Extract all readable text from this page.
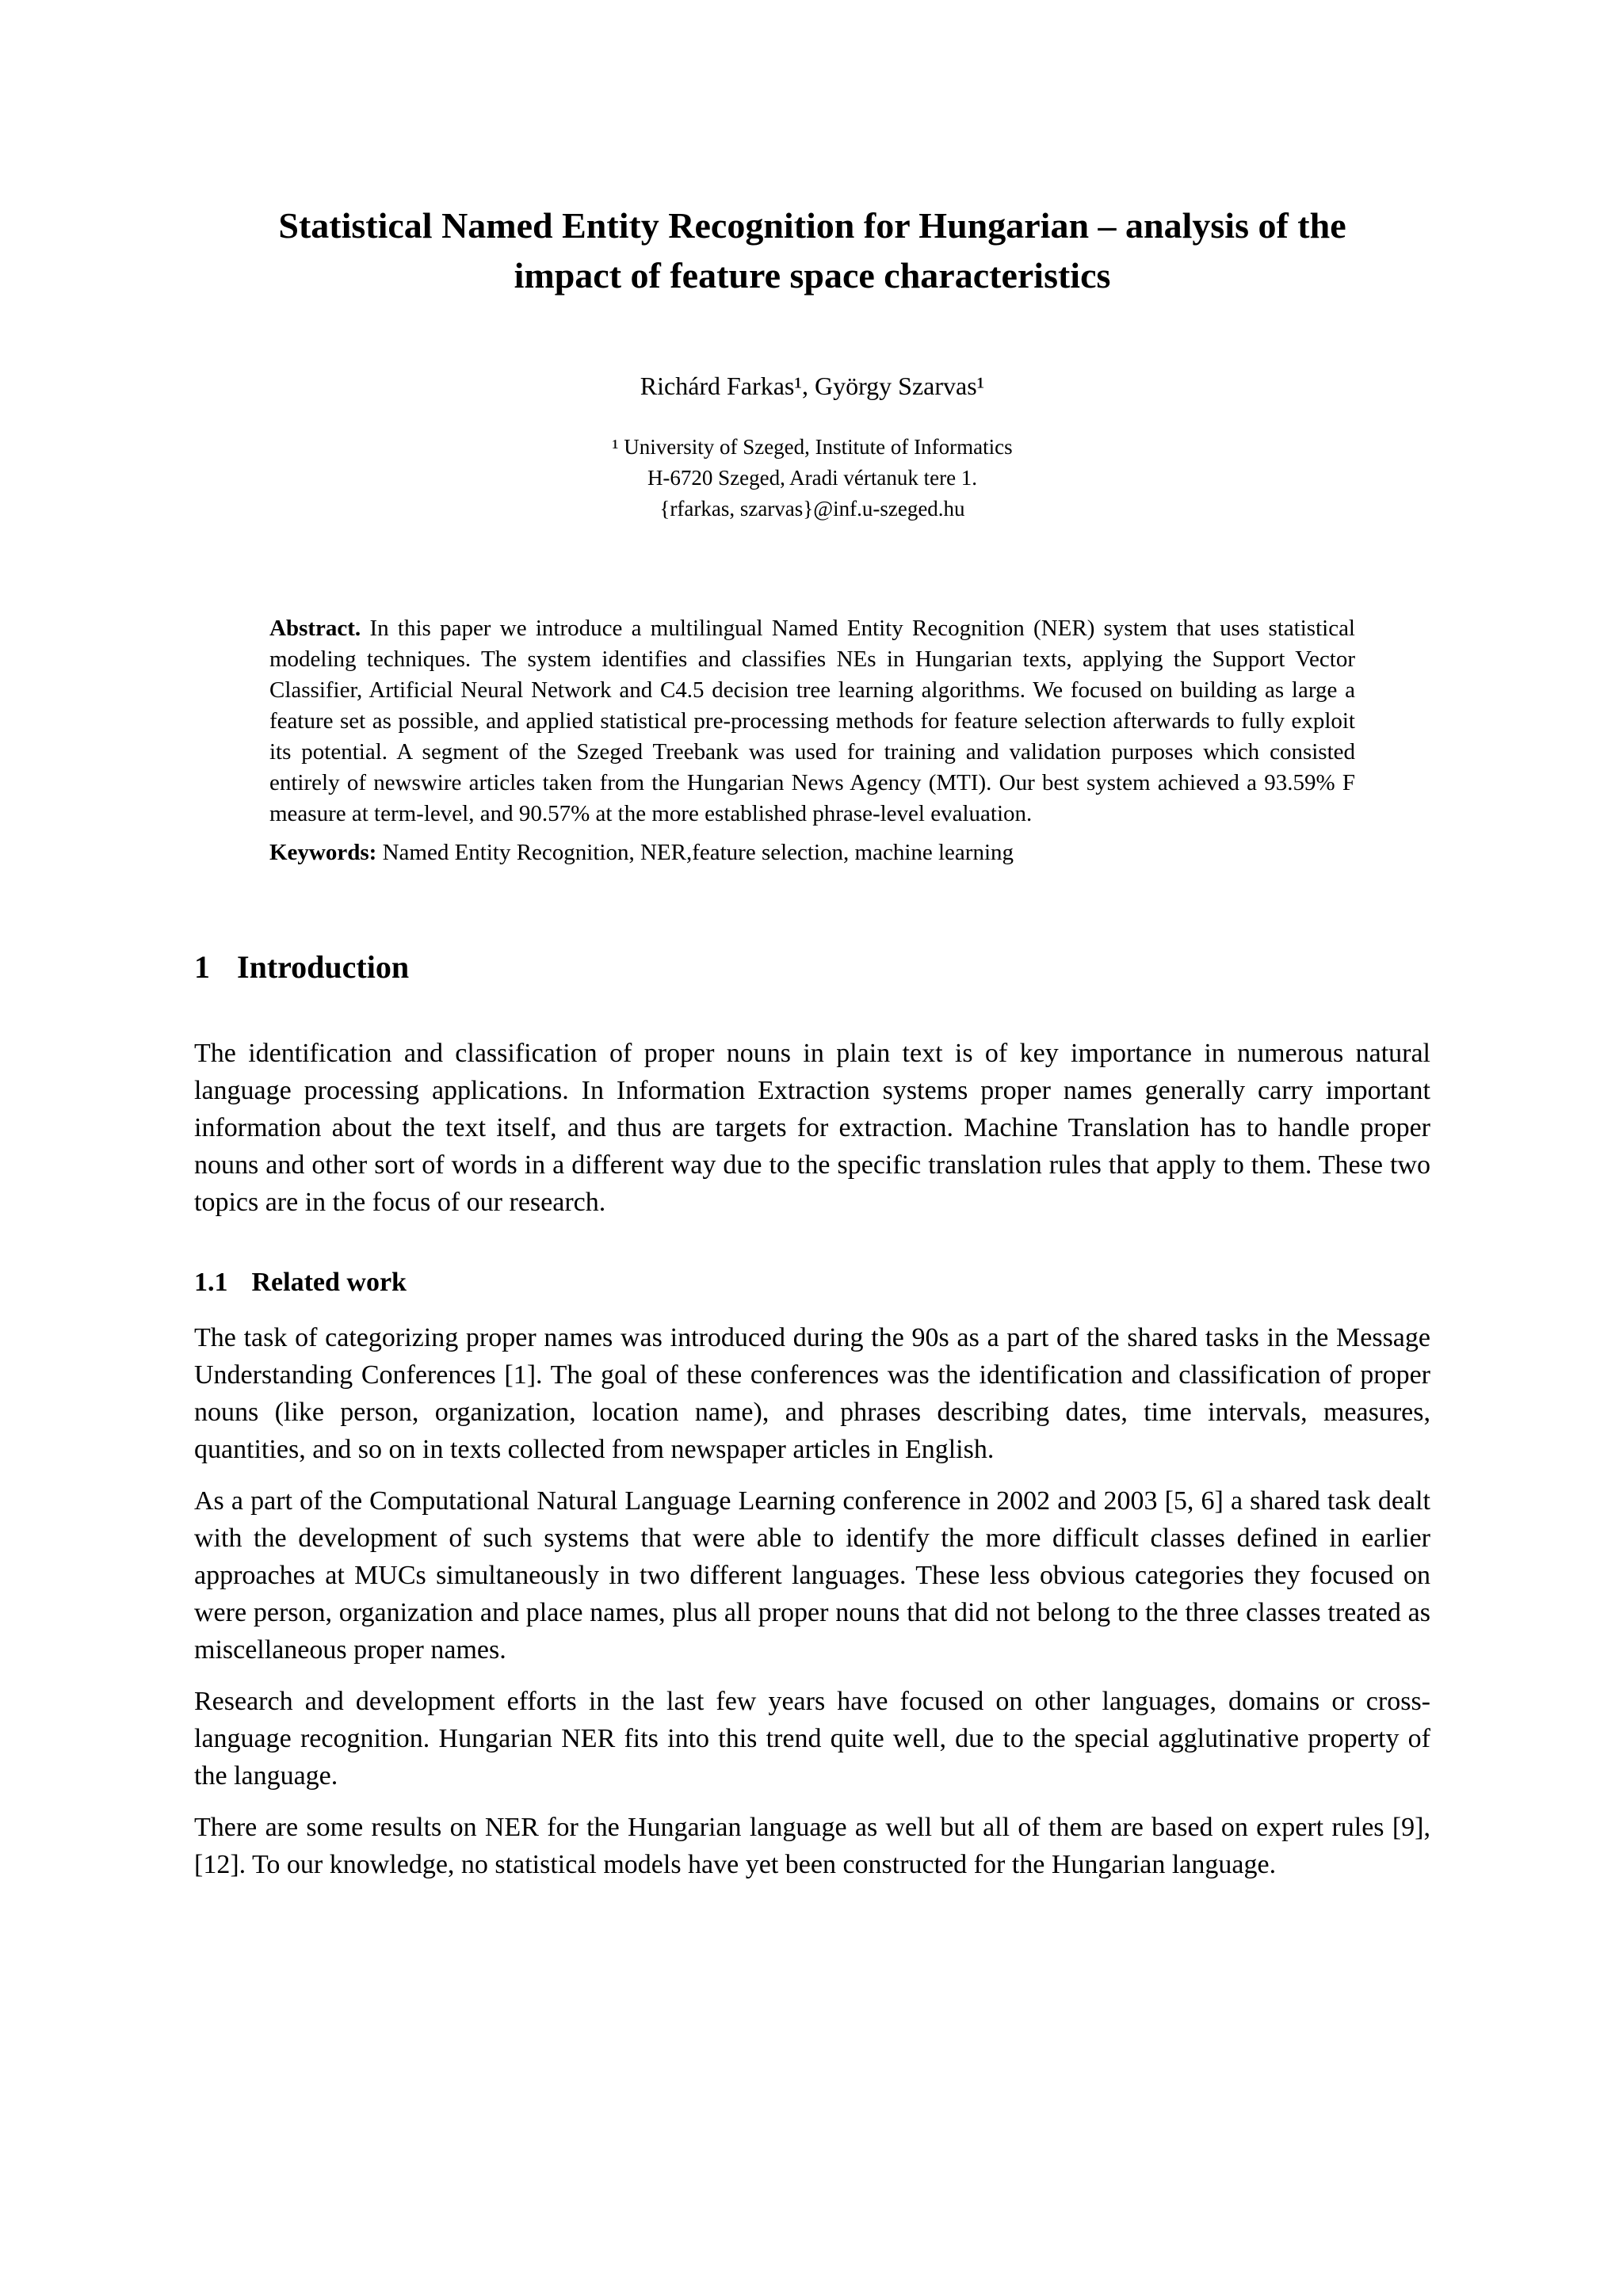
Statistical Named Entity Recognition for Hungarian – analysis of the impact of feature space characteristics

Richárd Farkas¹, György Szarvas¹

¹ University of Szeged, Institute of Informatics

H-6720 Szeged, Aradi vértanuk tere 1.

{rfarkas, szarvas}@inf.u-szeged.hu

Abstract. In this paper we introduce a multilingual Named Entity Recognition (NER) system that uses statistical modeling techniques. The system identifies and classifies NEs in Hungarian texts, applying the Support Vector Classifier, Artificial Neural Network and C4.5 decision tree learning algorithms. We focused on building as large a feature set as possible, and applied statistical pre-processing methods for feature selection afterwards to fully exploit its potential. A segment of the Szeged Treebank was used for training and validation purposes which consisted entirely of newswire articles taken from the Hungarian News Agency (MTI). Our best system achieved a 93.59% F measure at term-level, and 90.57% at the more established phrase-level evaluation.
Keywords: Named Entity Recognition, NER,feature selection, machine learning
1 Introduction

The identification and classification of proper nouns in plain text is of key importance in numerous natural language processing applications. In Information Extraction systems proper names generally carry important information about the text itself, and thus are targets for extraction. Machine Translation has to handle proper nouns and other sort of words in a different way due to the specific translation rules that apply to them. These two topics are in the focus of our research.

1.1 Related work

The task of categorizing proper names was introduced during the 90s as a part of the shared tasks in the Message Understanding Conferences [1]. The goal of these conferences was the identification and classification of proper nouns (like person, organization, location name), and phrases describing dates, time intervals, measures, quantities, and so on in texts collected from newspaper articles in English.

As a part of the Computational Natural Language Learning conference in 2002 and 2003 [5, 6] a shared task dealt with the development of such systems that were able to identify the more difficult classes defined in earlier approaches at MUCs simultaneously in two different languages. These less obvious categories they focused on were person, organization and place names, plus all proper nouns that did not belong to the three classes treated as miscellaneous proper names.

Research and development efforts in the last few years have focused on other languages, domains or cross-language recognition. Hungarian NER fits into this trend quite well, due to the special agglutinative property of the language.

There are some results on NER for the Hungarian language as well but all of them are based on expert rules [9], [12]. To our knowledge, no statistical models have yet been constructed for the Hungarian language.
